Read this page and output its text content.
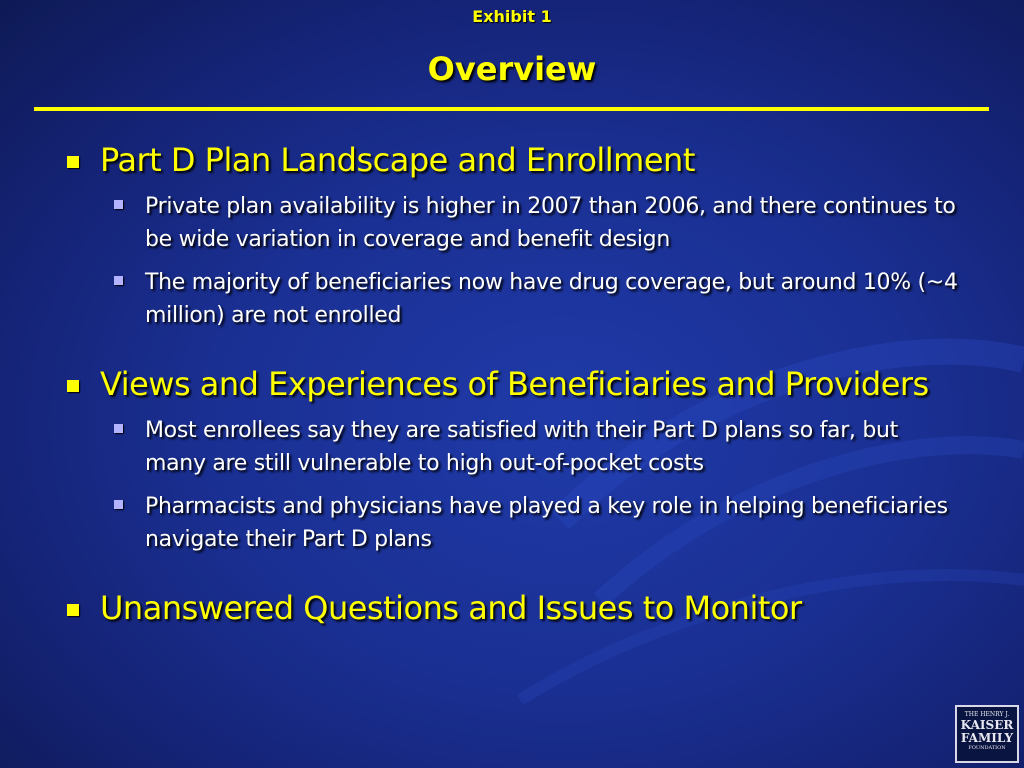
Exhibit 1
Overview
Part D Plan Landscape and Enrollment
Private plan availability is higher in 2007 than 2006, and there continues to be wide variation in coverage and benefit design
The majority of beneficiaries now have drug coverage, but around 10% (~4 million) are not enrolled
Views and Experiences of Beneficiaries and Providers
Most enrollees say they are satisfied with their Part D plans so far, but many are still vulnerable to high out-of-pocket costs
Pharmacists and physicians have played a key role in helping beneficiaries navigate their Part D plans
Unanswered Questions and Issues to Monitor
THE HENRY J.
KAISER
FAMILY
FOUNDATION
